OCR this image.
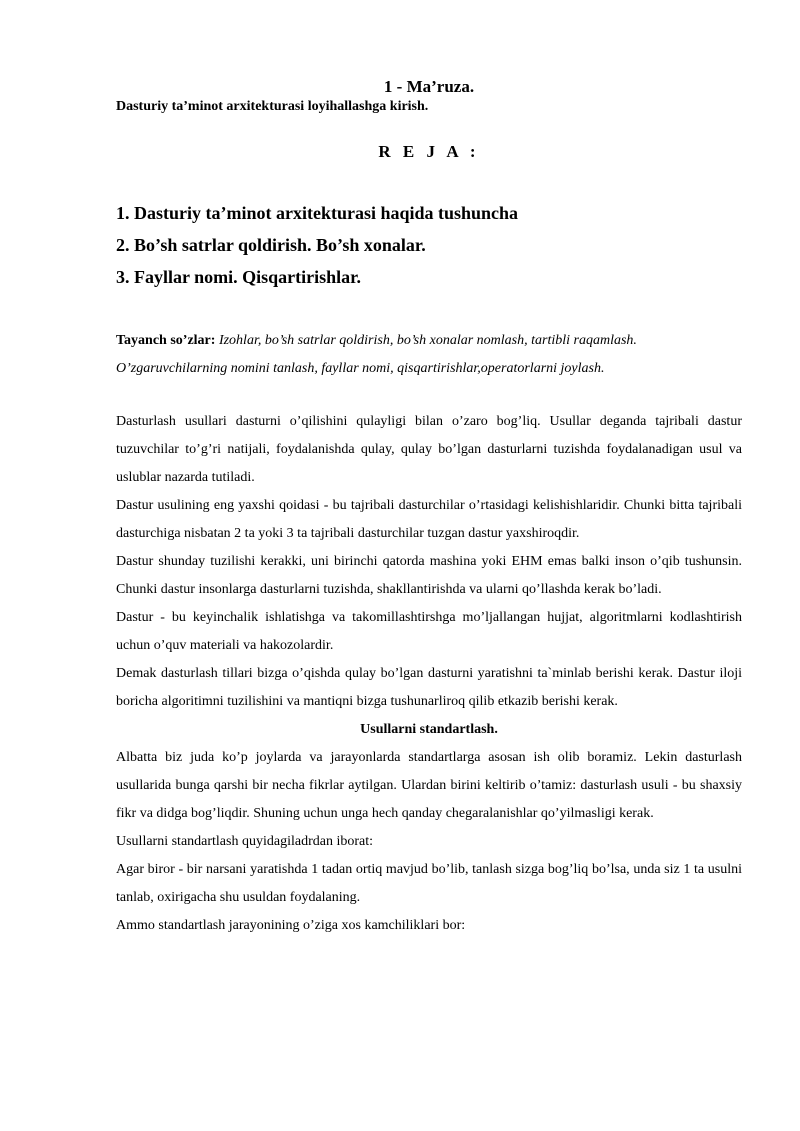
1 - Ma’ruza.

Dasturiy ta’minot arxitekturasi loyihallashga kirish.

R E J A :
1. Dasturiy ta’minot arxitekturasi haqida tushuncha
2. Bo’sh satrlar qoldirish. Bo’sh xonalar.
3. Fayllar nomi. Qisqartirishlar.

Tayanch so’zlar: Izohlar, bo’sh satrlar qoldirish, bo’sh xonalar nomlash, tartibli raqamlash. O’zgaruvchilarning nomini tanlash, fayllar nomi, qisqartirishlar,operatorlarni joylash.

Dasturlash usullari dasturni o’qilishini qulayligi bilan o’zaro bog’liq. Usullar deganda tajribali dastur tuzuvchilar to’g’ri natijali, foydalanishda qulay, qulay bo’lgan dasturlarni tuzishda foydalanadigan usul va uslublar nazarda tutiladi.

Dastur usulining eng yaxshi qoidasi - bu tajribali dasturchilar o’rtasidagi kelishishlaridir. Chunki bitta tajribali dasturchiga nisbatan 2 ta yoki 3 ta tajribali dasturchilar tuzgan dastur yaxshiroqdir.

Dastur shunday tuzilishi kerakki, uni birinchi qatorda mashina yoki EHM emas balki inson o’qib tushunsin. Chunki dastur insonlarga dasturlarni tuzishda, shakllantirishda va ularni qo’llashda kerak bo’ladi.

Dastur - bu keyinchalik ishlatishga va takomillashtirshga mo’ljallangan hujjat, algoritmlarni kodlashtirish uchun o’quv materiali va hakozolardir.

Demak dasturlash tillari bizga o’qishda qulay bo’lgan dasturni yaratishni ta`minlab berishi kerak. Dastur iloji boricha algoritimni tuzilishini va mantiqni bizga tushunarliroq qilib etkazib berishi kerak.

Usullarni standartlash.

Albatta biz juda ko’p joylarda va jarayonlarda standartlarga asosan ish olib boramiz. Lekin dasturlash usullarida bunga qarshi bir necha fikrlar aytilgan. Ulardan birini keltirib o’tamiz: dasturlash usuli - bu shaxsiy fikr va didga bog’liqdir. Shuning uchun unga hech qanday chegaralanishlar qo’yilmasligi kerak.

Usullarni standartlash quyidagiladrdan iborat:

Agar biror - bir narsani yaratishda 1 tadan ortiq mavjud bo’lib, tanlash sizga bog’liq bo’lsa, unda siz 1 ta usulni tanlab, oxirigacha shu usuldan foydalaning.

Ammo standartlash jarayonining o’ziga xos kamchiliklari bor:
